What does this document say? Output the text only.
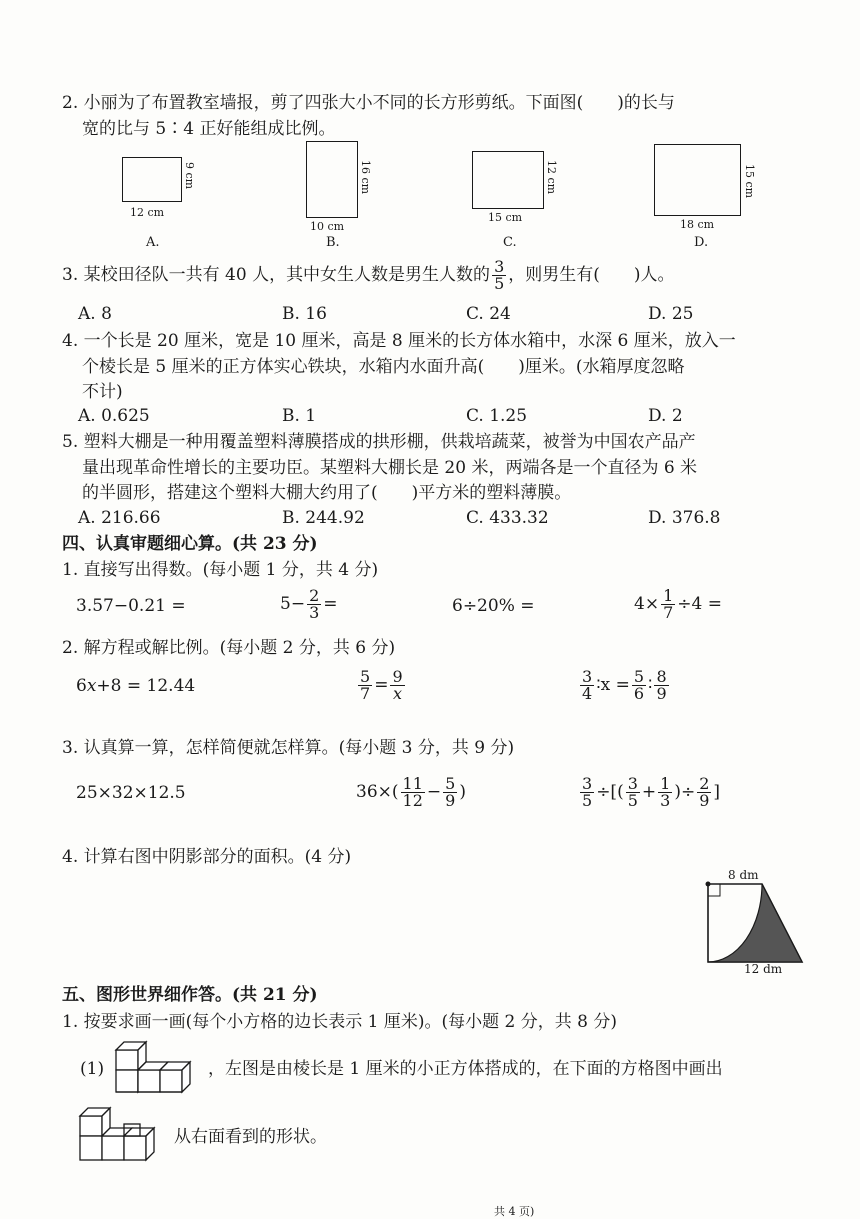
2. 小丽为了布置教室墙报，剪了四张大小不同的长方形剪纸。下面图(　　)的长与
宽的比与 5∶4 正好能组成比例。
9 cm
12 cm
A.
16 cm
10 cm
B.
12 cm
15 cm
C.
15 cm
18 cm
D.
3. 某校田径队一共有 40 人，其中女生人数是男生人数的 $\frac{3}{5}$ ，则男生有(　　)人。
A. 8	B. 16	C. 24	D. 25
4. 一个长是 20 厘米，宽是 10 厘米，高是 8 厘米的长方体水箱中，水深 6 厘米，放入一
个棱长是 5 厘米的正方体实心铁块，水箱内水面升高(　　)厘米。(水箱厚度忽略
不计)
A. 0.625	B. 1	C. 1.25	D. 2
5. 塑料大棚是一种用覆盖塑料薄膜搭成的拱形棚，供栽培蔬菜，被誉为中国农产品产
量出现革命性增长的主要功臣。某塑料大棚长是 20 米，两端各是一个直径为 6 米
的半圆形，搭建这个塑料大棚大约用了(　　)平方米的塑料薄膜。
A. 216.66	B. 244.92	C. 433.32	D. 376.8
四、认真审题细心算。(共 23 分)
1. 直接写出得数。(每小题 1 分，共 4 分)
3.57−0.21 =	$5- \frac{2}{3}$ =	6÷20% =	$4\times \frac{1}{7} \div 4$ =
2. 解方程或解比例。(每小题 2 分，共 6 分)
6x+8 = 12.44	$\frac{5}{7} = \frac{9}{x}$	$\frac{3}{4}$ ∶x = $\frac{5}{6}$ ∶ $\frac{8}{9}$
3. 认真算一算，怎样简便就怎样算。(每小题 3 分，共 9 分)
25×32×12.5	$36\times( \frac{11}{12} - \frac{5}{9}$ )	$\frac{3}{5}$ ÷[( $\frac{3}{5} + \frac{1}{3}$ )÷ $\frac{2}{9}$ ]
4. 计算右图中阴影部分的面积。(4 分)
8 dm
12 dm
五、图形世界细作答。(共 21 分)
1. 按要求画一画(每个小方格的边长表示 1 厘米)。(每小题 2 分，共 8 分)
(1)	，左图是由棱长是 1 厘米的小正方体搭成的，在下面的方格图中画出
从右面看到的形状。
共 4 页)
